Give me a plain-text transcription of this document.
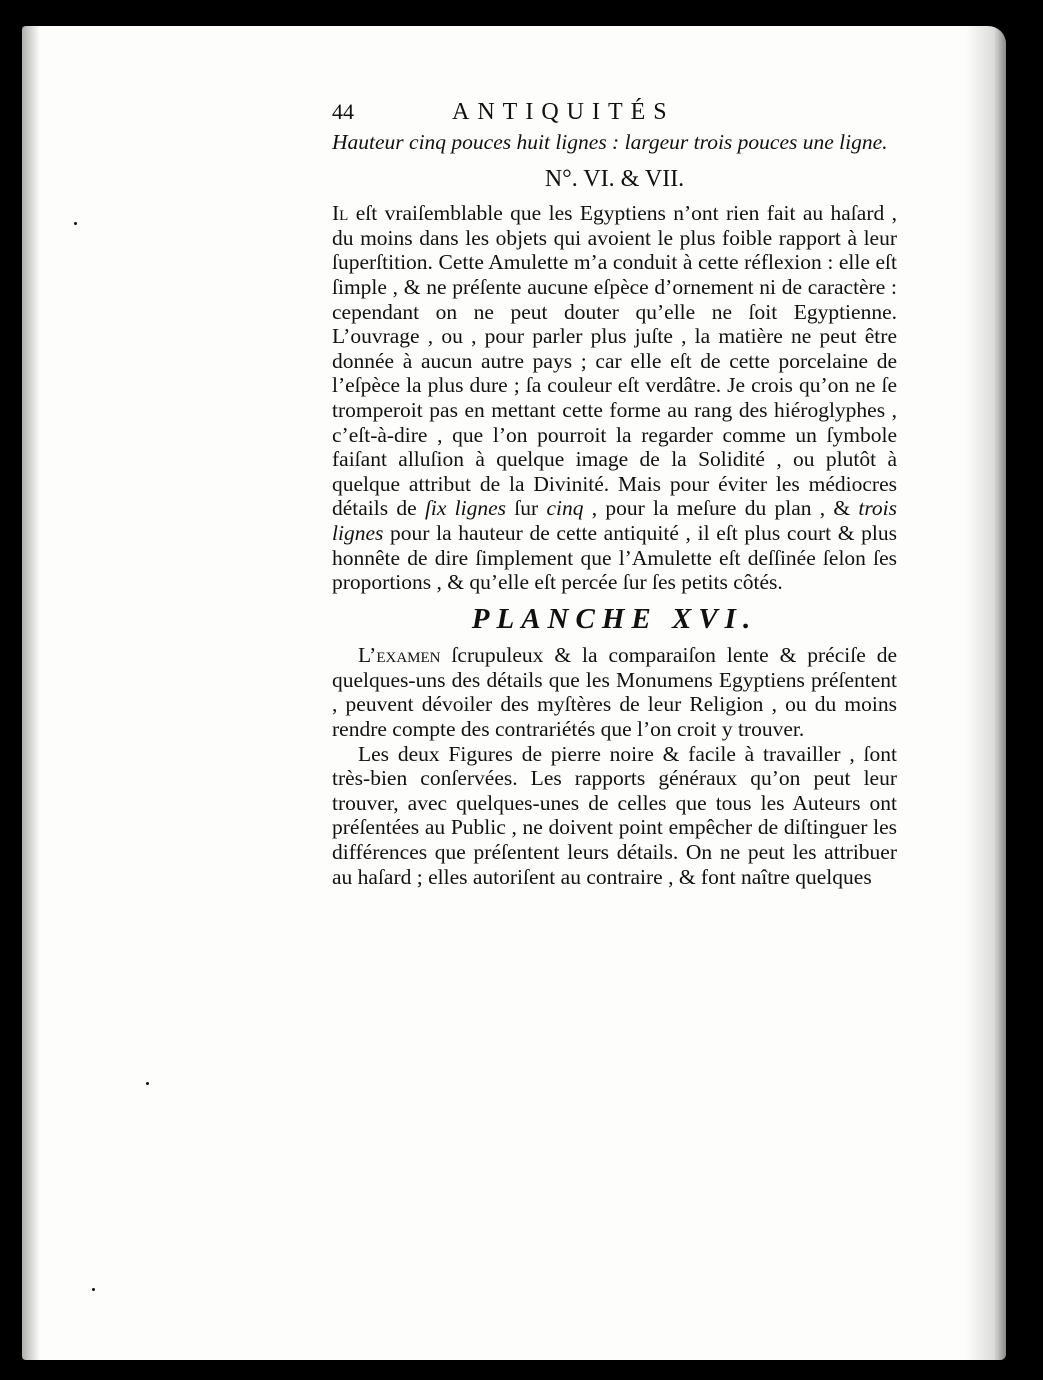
44	ANTIQUITÉS

Hauteur cinq pouces huit lignes : largeur trois pouces une ligne.

N°. VI. & VII.

Il eſt vraiſemblable que les Egyptiens n’ont rien fait au haſard , du moins dans les objets qui avoient le plus foible rapport à leur ſuperſtition. Cette Amulette m’a conduit à cette réflexion : elle eſt ſimple , & ne préſente aucune eſpèce d’ornement ni de caractère : cependant on ne peut douter qu’elle ne ſoit Egyptienne. L’ouvrage , ou , pour parler plus juſte , la matière ne peut être donnée à aucun autre pays ; car elle eſt de cette porcelaine de l’eſpèce la plus dure ; ſa couleur eſt verdâtre. Je crois qu’on ne ſe tromperoit pas en mettant cette forme au rang des hiéroglyphes , c’eſt-à-dire , que l’on pourroit la regarder comme un ſymbole faiſant alluſion à quelque image de la Solidité , ou plutôt à quelque attribut de la Divinité. Mais pour éviter les médiocres détails de ſix lignes ſur cinq , pour la meſure du plan , & trois lignes pour la hauteur de cette antiquité , il eſt plus court & plus honnête de dire ſimplement que l’Amulette eſt deſſinée ſelon ſes proportions , & qu’elle eſt percée ſur ſes petits côtés.

PLANCHE XVI.

L’examen ſcrupuleux & la comparaiſon lente & préciſe de quelques-uns des détails que les Monumens Egyptiens préſentent , peuvent dévoiler des myſtères de leur Religion , ou du moins rendre compte des contrariétés que l’on croit y trouver.

Les deux Figures de pierre noire & facile à travailler , ſont très-bien conſervées. Les rapports généraux qu’on peut leur trouver, avec quelques-unes de celles que tous les Auteurs ont préſentées au Public , ne doivent point empêcher de diſtinguer les différences que préſentent leurs détails. On ne peut les attribuer au haſard ; elles autoriſent au contraire , & font naître quelques
